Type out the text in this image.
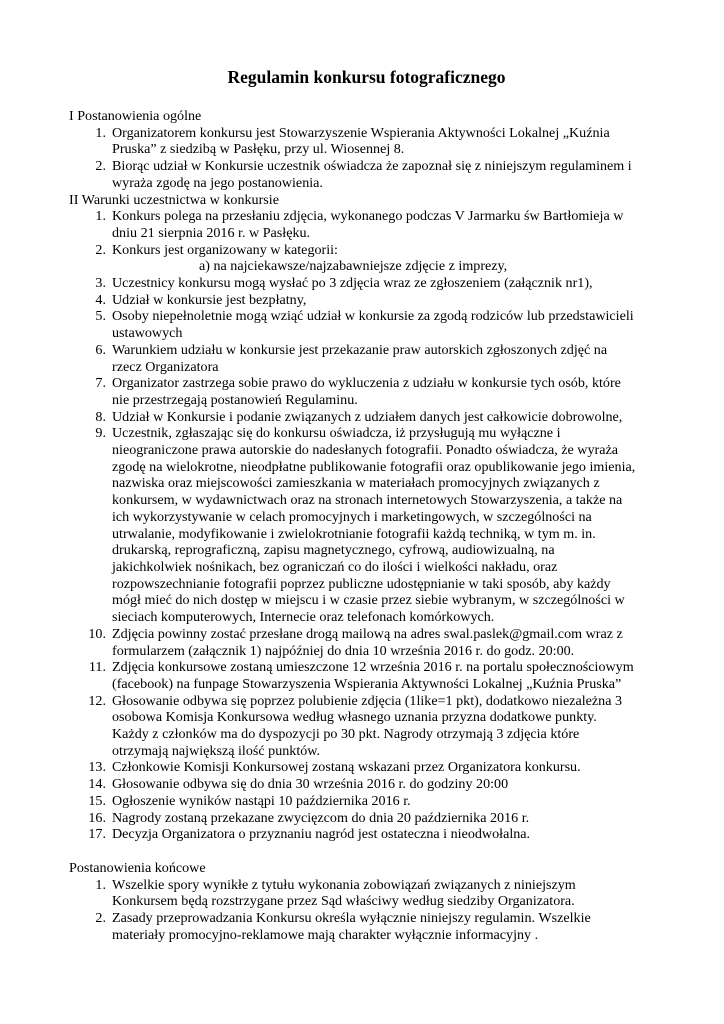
Regulamin konkursu fotograficznego
I Postanowienia ogólne
1. Organizatorem konkursu jest Stowarzyszenie Wspierania Aktywności Lokalnej „Kuźnia
Pruska” z siedzibą w Pasłęku, przy ul. Wiosennej 8.
2. Biorąc udział w Konkursie uczestnik oświadcza że zapoznał się z niniejszym regulaminem i
wyraża zgodę na jego postanowienia.
II Warunki uczestnictwa w konkursie
1. Konkurs polega na przesłaniu zdjęcia, wykonanego podczas V Jarmarku św Bartłomieja w
dniu 21 sierpnia 2016 r. w Pasłęku.
2. Konkurs jest organizowany w kategorii:
a) na najciekawsze/najzabawniejsze zdjęcie z imprezy,
3. Uczestnicy konkursu mogą wysłać po 3 zdjęcia wraz ze zgłoszeniem (załącznik nr1),
4. Udział w konkursie jest bezpłatny,
5. Osoby niepełnoletnie mogą wziąć udział w konkursie za zgodą rodziców lub przedstawicieli
ustawowych
6. Warunkiem udziału w konkursie jest przekazanie praw autorskich zgłoszonych zdjęć na
rzecz Organizatora
7. Organizator zastrzega sobie prawo do wykluczenia z udziału w konkursie tych osób, które
nie przestrzegają postanowień Regulaminu.
8. Udział w Konkursie i podanie związanych z udziałem danych jest całkowicie dobrowolne,
9. Uczestnik, zgłaszając się do konkursu oświadcza, iż przysługują mu wyłączne i
nieograniczone prawa autorskie do nadesłanych fotografii. Ponadto oświadcza, że wyraża
zgodę na wielokrotne, nieodpłatne publikowanie fotografii oraz opublikowanie jego imienia,
nazwiska oraz miejscowości zamieszkania w materiałach promocyjnych związanych z
konkursem, w wydawnictwach oraz na stronach internetowych Stowarzyszenia, a także na
ich wykorzystywanie w celach promocyjnych i marketingowych, w szczególności na
utrwalanie, modyfikowanie i zwielokrotnianie fotografii każdą techniką, w tym m. in.
drukarską, reprograficzną, zapisu magnetycznego, cyfrową, audiowizualną, na
jakichkolwiek nośnikach, bez ograniczań co do ilości i wielkości nakładu, oraz
rozpowszechnianie fotografii poprzez publiczne udostępnianie w taki sposób, aby każdy
mógł mieć do nich dostęp w miejscu i w czasie przez siebie wybranym, w szczególności w
sieciach komputerowych, Internecie oraz telefonach komórkowych.
10. Zdjęcia powinny zostać przesłane drogą mailową na adres swal.paslek@gmail.com wraz z
formularzem (załącznik 1) najpóźniej do dnia 10 września 2016 r. do godz. 20:00.
11. Zdjęcia konkursowe zostaną umieszczone 12 września 2016 r. na portalu społecznościowym
(facebook) na funpage Stowarzyszenia Wspierania Aktywności Lokalnej „Kuźnia Pruska”
12. Głosowanie odbywa się poprzez polubienie zdjęcia (1like=1 pkt), dodatkowo niezależna 3
osobowa Komisja Konkursowa według własnego uznania przyzna dodatkowe punkty.
Każdy z członków ma do dyspozycji po 30 pkt. Nagrody otrzymają 3 zdjęcia które
otrzymają największą ilość punktów.
13. Członkowie Komisji Konkursowej zostaną wskazani przez Organizatora konkursu.
14. Głosowanie odbywa się do dnia 30 września 2016 r. do godziny 20:00
15. Ogłoszenie wyników nastąpi 10 października 2016 r.
16. Nagrody zostaną przekazane zwycięzcom do dnia 20 października 2016 r.
17. Decyzja Organizatora o przyznaniu nagród jest ostateczna i nieodwołalna.
Postanowienia końcowe
1. Wszelkie spory wynikłe z tytułu wykonania zobowiązań związanych z niniejszym
Konkursem będą rozstrzygane przez Sąd właściwy według siedziby Organizatora.
2. Zasady przeprowadzania Konkursu określa wyłącznie niniejszy regulamin. Wszelkie
materiały promocyjno-reklamowe mają charakter wyłącznie informacyjny .
